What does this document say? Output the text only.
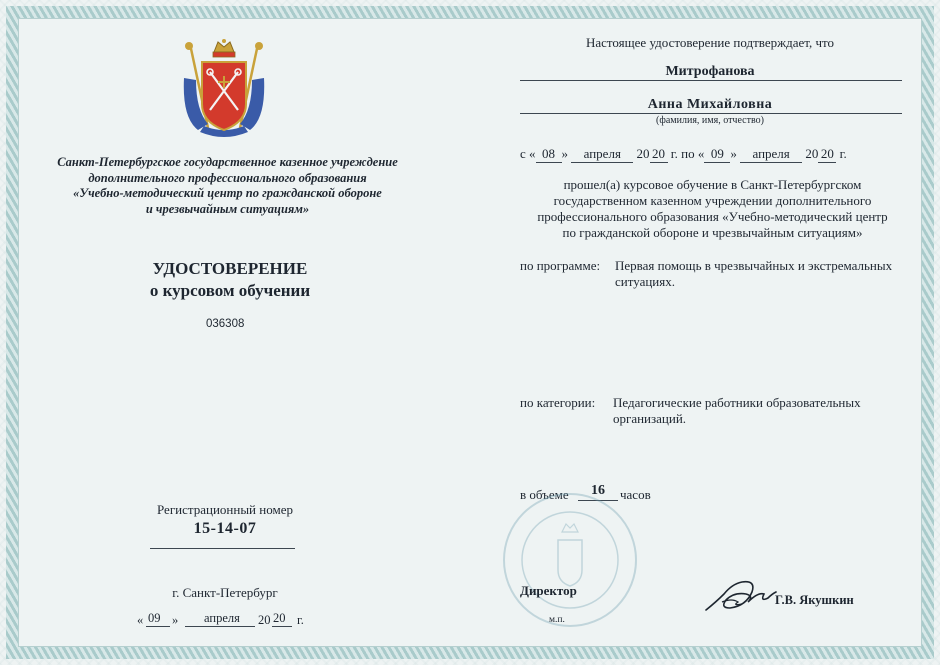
Санкт-Петербургское государственное казенное учреждение
дополнительного профессионального образования
«Учебно-методический центр по гражданской обороне
и чрезвычайным ситуациям»
УДОСТОВЕРЕНИЕ
о курсовом обучении
036308
Регистрационный номер
15-14-07
г. Санкт-Петербург
« 09 » апреля 20 20 г.
Настоящее удостоверение подтверждает, что
Митрофанова
Анна Михайловна
(фамилия, имя, отчество)
с « 08 » апреля 20 20 г. по « 09 » апреля 20 20 г.
прошел(а) курсовое обучение в Санкт-Петербургском
государственном казенном учреждении дополнительного
профессионального образования «Учебно-методический центр
по гражданской обороне и чрезвычайным ситуациям»
по программе: Первая помощь в чрезвычайных и экстремальных
ситуациях.
по категории: Педагогические работники образовательных
организаций.
в объеме	16	часов
Директор
м.п.
Г.В. Якушкин
